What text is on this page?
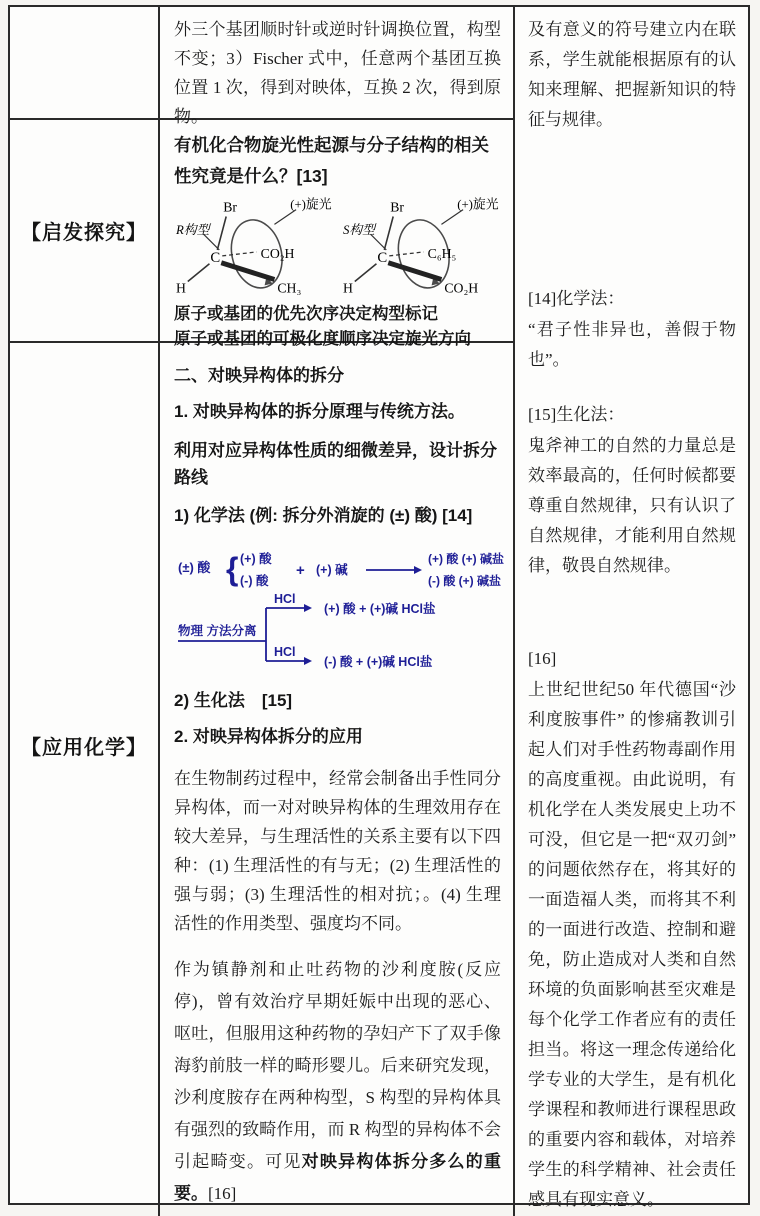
【启发探究】
【应用化学】

外三个基团顺时针或逆时针调换位置，构型不变；3）Fischer 式中，任意两个基团互换位置 1 次，得到对映体，互换 2 次，得到原物。

有机化合物旋光性起源与分子结构的相关性究竟是什么？[13]

Br
R构型
(+)旋光
CO₂H
C
H	CH₃
Br
S构型
(+)旋光
C₆H₅
C
H	CO₂H

原子或基团的优先次序决定构型标记

原子或基团的可极化度顺序决定旋光方向

二、对映异构体的拆分

1. 对映异构体的拆分原理与传统方法。

利用对应异构体性质的细微差异，设计拆分路线

1) 化学法 (例: 拆分外消旋的 (±) 酸) [14]

(±) 酸 { (+) 酸
(-) 酸
+ (+) 碱
(+) 酸 (+) 碱盐
(-) 酸 (+) 碱盐
物理 方法分离
HCl
HCl
(+) 酸 + (+)碱 HCl盐
(-) 酸 + (+)碱 HCl盐

2) 生化法　[15]

2. 对映异构体拆分的应用

在生物制药过程中，经常会制备出手性同分异构体，而一对对映异构体的生理效用存在较大差异，与生理活性的关系主要有以下四种：(1) 生理活性的有与无；(2) 生理活性的强与弱；(3) 生理活性的相对抗；。(4) 生理活性的作用类型、强度均不同。

作为镇静剂和止吐药物的沙利度胺(反应停)，曾有效治疗早期妊娠中出现的恶心、呕吐，但服用这种药物的孕妇产下了双手像海豹前肢一样的畸形婴儿。后来研究发现，沙利度胺存在两种构型，S 构型的异构体具有强烈的致畸作用，而 R 构型的异构体不会引起畸变。可见对映异构体拆分多么的重要。[16]

及有意义的符号建立内在联系，学生就能根据原有的认知来理解、把握新知识的特征与规律。

[14]化学法：

“君子性非异也，善假于物也”。

[15]生化法：

鬼斧神工的自然的力量总是效率最高的，任何时候都要尊重自然规律，只有认识了自然规律，才能利用自然规律，敬畏自然规律。

[16]

上世纪世纪50 年代德国“沙利度胺事件” 的惨痛教训引起人们对手性药物毒副作用的高度重视。由此说明，有机化学在人类发展史上功不可没，但它是一把“双刃剑”的问题依然存在，将其好的一面造福人类，而将其不利的一面进行改造、控制和避免，防止造成对人类和自然环境的负面影响甚至灾难是每个化学工作者应有的责任担当。将这一理念传递给化学专业的大学生，是有机化学课程和教师进行课程思政的重要内容和载体，对培养学生的科学精神、社会责任感具有现实意义。
